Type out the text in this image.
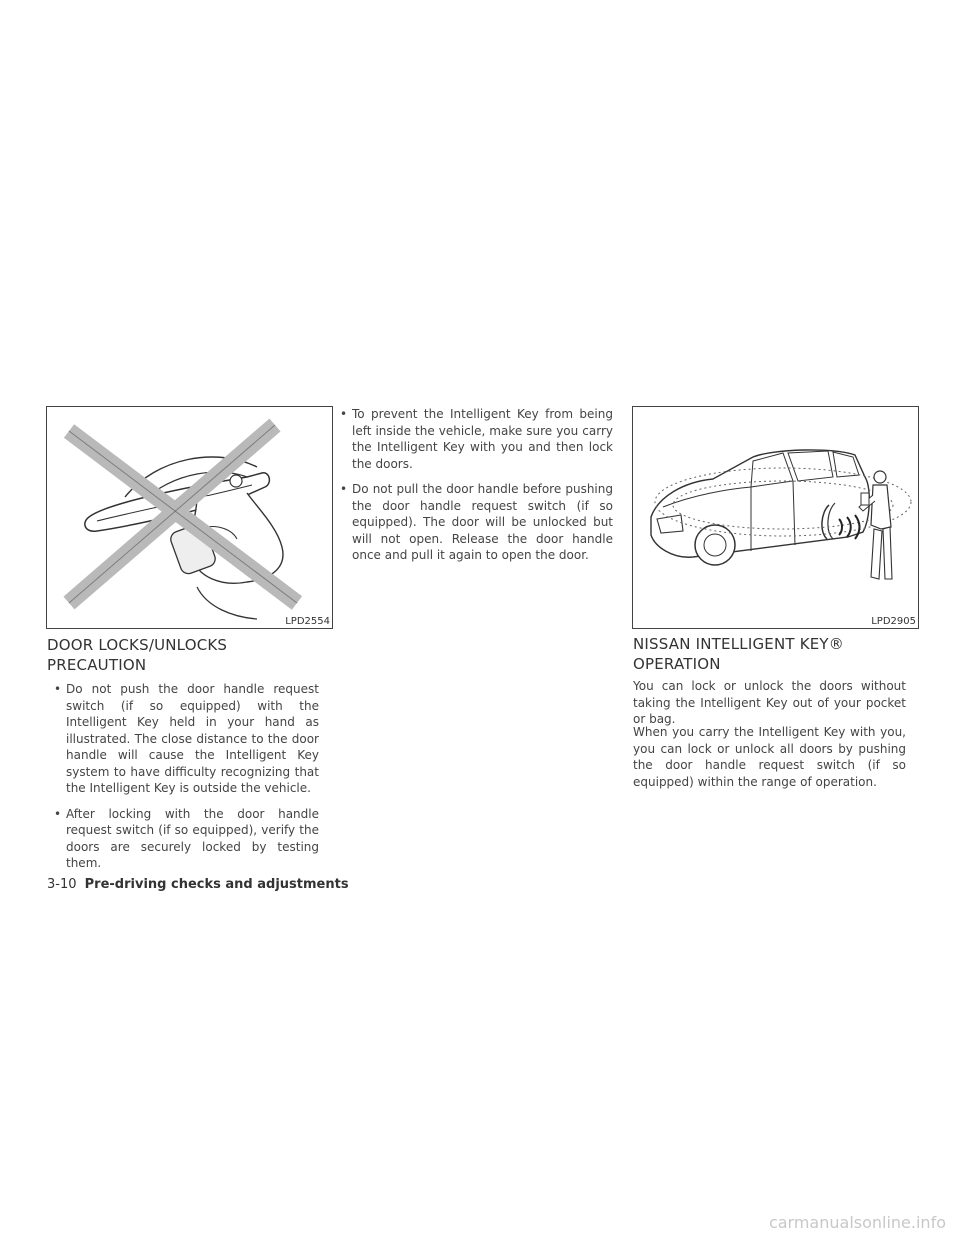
LPD2554
DOOR LOCKS/UNLOCKS
PRECAUTION
• Do not push the door handle request switch (if so equipped) with the Intelligent Key held in your hand as illustrated. The close distance to the door handle will cause the Intelligent Key system to have difficulty recognizing that the Intelligent Key is outside the vehicle.
• After locking with the door handle request switch (if so equipped), verify the doors are securely locked by testing them.
• To prevent the Intelligent Key from being left inside the vehicle, make sure you carry the Intelligent Key with you and then lock the doors.
• Do not pull the door handle before pushing the door handle request switch (if so equipped). The door will be unlocked but will not open. Release the door handle once and pull it again to open the door.
LPD2905
NISSAN INTELLIGENT KEY®
OPERATION

You can lock or unlock the doors without taking the Intelligent Key out of your pocket or bag.

When you carry the Intelligent Key with you, you can lock or unlock all doors by pushing the door handle request switch (if so equipped) within the range of operation.

3-10 Pre-driving checks and adjustments
carmanualsonline.info
